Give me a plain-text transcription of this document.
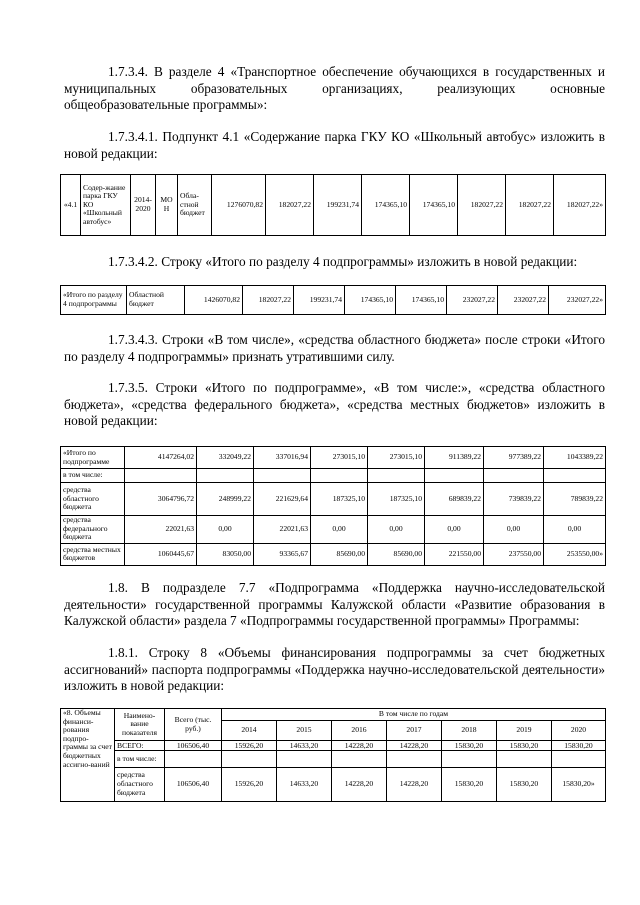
1.7.3.4. В разделе 4 «Транспортное обеспечение обучающихся в государственных и муниципальных образовательных организациях, реализующих основные общеобразовательные программы»:

1.7.3.4.1. Подпункт 4.1 «Содержание парка ГКУ КО «Школьный автобус» изложить в новой редакции:

«4.1	Содер-жание парка ГКУ КО «Школьный автобус»	2014-2020	МОН	Обла-стной бюджет	1276070,82	182027,22	199231,74	174365,10	174365,10	182027,22	182027,22	182027,22»

1.7.3.4.2. Строку «Итого по разделу 4 подпрограммы» изложить в новой редакции:

«Итого по разделу 4 подпрограммы	Областной бюджет	1426070,82	182027,22	199231,74	174365,10	174365,10	232027,22	232027,22	232027,22»

1.7.3.4.3. Строки «В том числе», «средства областного бюджета» после строки «Итого по разделу 4 подпрограммы» признать утратившими силу.

1.7.3.5. Строки «Итого по подпрограмме», «В том числе:», «средства областного бюджета», «средства федерального бюджета», «средства местных бюджетов» изложить в новой редакции:

«Итого по подпрограмме	4147264,02	332049,22	337016,94	273015,10	273015,10	911389,22	977389,22	1043389,22
в том числе:								
средства областного бюджета	3064796,72	248999,22	221629,64	187325,10	187325,10	689839,22	739839,22	789839,22
средства федерального бюджета	22021,63	0,00	22021,63	0,00	0,00	0,00	0,00	0,00
средства местных бюджетов	1060445,67	83050,00	93365,67	85690,00	85690,00	221550,00	237550,00	253550,00»

1.8. В подразделе 7.7 «Подпрограмма «Поддержка научно-исследовательской деятельности» государственной программы Калужской области «Развитие образования в Калужской области» раздела 7 «Подпрограммы государственной программы» Программы:

1.8.1. Строку 8 «Объемы финансирования подпрограммы за счет бюджетных ассигнований» паспорта подпрограммы «Поддержка научно-исследовательской деятельности» изложить в новой редакции:

«8. Объемы финанси-рования подпро-граммы за счет бюджетных ассигно-ваний	Наимено-вание показателя	Всего (тыс. руб.)	В том числе по годам						
			2014	2015	2016	2017	2018	2019	2020
	ВСЕГО:	106506,40	15926,20	14633,20	14228,20	14228,20	15830,20	15830,20	15830,20
	в том числе:								
	средства областного бюджета	106506,40	15926,20	14633,20	14228,20	14228,20	15830,20	15830,20	15830,20»
